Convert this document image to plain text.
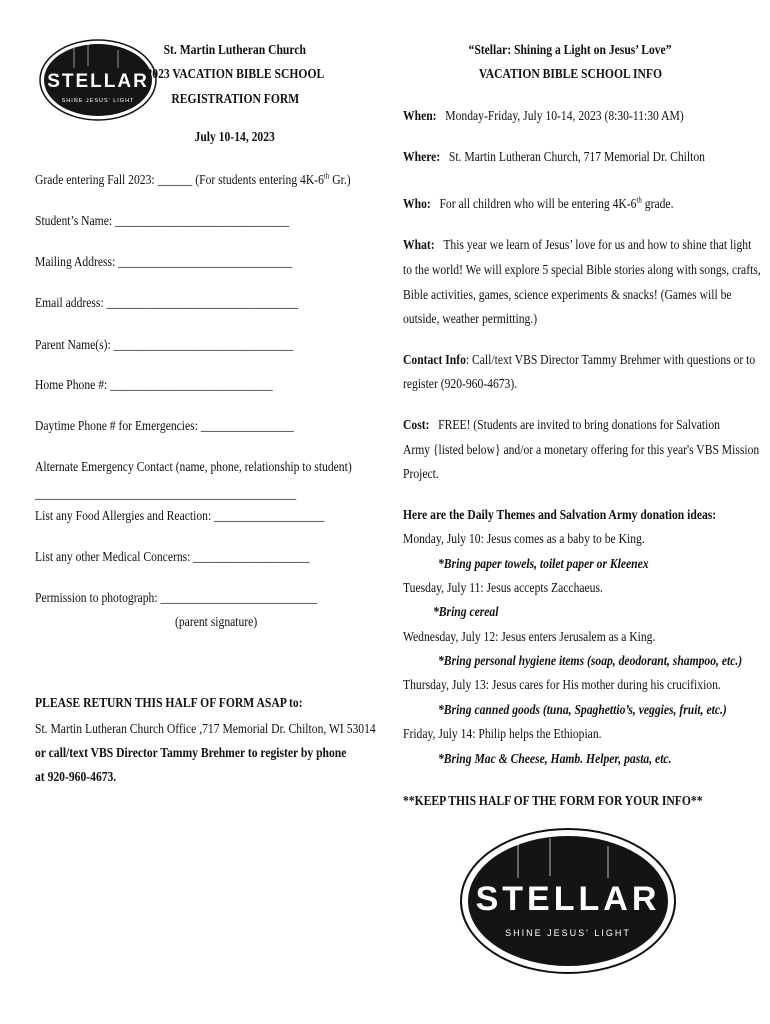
STELLAR
SHINE JESUS' LIGHT
St. Martin Lutheran Church
2023 VACATION BIBLE SCHOOL
REGISTRATION FORM
July 10-14, 2023
Grade entering Fall 2023: ______ (For students entering 4K-6th Gr.)
Student’s Name: ______________________________
Mailing Address: ______________________________
Email address: _________________________________
Parent Name(s): _______________________________
Home Phone #: ____________________________
Daytime Phone # for Emergencies: ________________
Alternate Emergency Contact (name, phone, relationship to student)
_____________________________________________
List any Food Allergies and Reaction: ___________________
List any other Medical Concerns: ____________________
Permission to photograph: ___________________________
(parent signature)
PLEASE RETURN THIS HALF OF FORM ASAP to:
St. Martin Lutheran Church Office ,717 Memorial Dr. Chilton, WI 53014
or call/text VBS Director Tammy Brehmer to register by phone
at 920-960-4673.
“Stellar: Shining a Light on Jesus’ Love”
VACATION BIBLE SCHOOL INFO
When: Monday-Friday, July 10-14, 2023 (8:30-11:30 AM)
Where: St. Martin Lutheran Church, 717 Memorial Dr. Chilton
Who: For all children who will be entering 4K-6th grade.
What: This year we learn of Jesus’ love for us and how to shine that light
to the world! We will explore 5 special Bible stories along with songs, crafts,
Bible activities, games, science experiments & snacks! (Games will be
outside, weather permitting.)
Contact Info: Call/text VBS Director Tammy Brehmer with questions or to
register (920-960-4673).
Cost: FREE! (Students are invited to bring donations for Salvation
Army {listed below} and/or a monetary offering for this year's VBS Mission
Project.
Here are the Daily Themes and Salvation Army donation ideas:
Monday, July 10: Jesus comes as a baby to be King.
*Bring paper towels, toilet paper or Kleenex
Tuesday, July 11: Jesus accepts Zacchaeus.
*Bring cereal
Wednesday, July 12: Jesus enters Jerusalem as a King.
*Bring personal hygiene items (soap, deodorant, shampoo, etc.)
Thursday, July 13: Jesus cares for His mother during his crucifixion.
*Bring canned goods (tuna, Spaghettio’s, veggies, fruit, etc.)
Friday, July 14: Philip helps the Ethiopian.
*Bring Mac & Cheese, Hamb. Helper, pasta, etc.
**KEEP THIS HALF OF THE FORM FOR YOUR INFO**
STELLAR
SHINE JESUS' LIGHT
